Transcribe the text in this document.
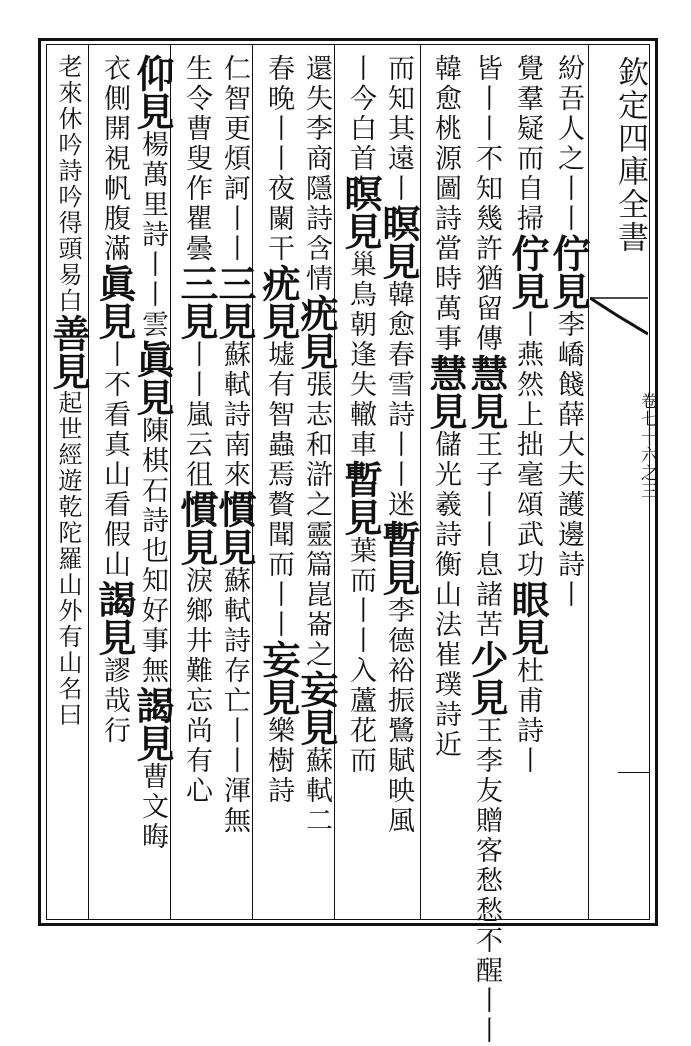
欽定四庫全書
卷七十六之三
紛吾人之丨丨佇見李嶠餞薛大夫護邊詩丨
覺羣疑而自掃佇見丨燕然上拙毫頌武功眼見杜甫詩丨
皆丨丨不知幾許猶留傳慧見王子丨丨息諸苦少見王李友贈客愁愁不醒丨丨
韓愈桃源圖詩當時萬事慧見儲光羲詩衡山法崔璞詩近
而知其遠丨瞑見韓愈春雪詩丨丨迷暫見李德裕振鷺賦映風
丨今白首瞑見巢鳥朝逢失轍車暫見葉而丨丨入蘆花而
還失李商隱詩含情疣見張志和滸之靈篇崑崙之妄見蘇軾二
春晚丨丨夜闌干疣見墟有智蟲焉贅聞而丨丨妄見樂樹詩
仁智更煩訶丨丨三見蘇軾詩南來慣見蘇軾詩存亡丨丨渾無
生令曹叟作瞿曇三見丨丨嵐云徂慣見淚鄉井難忘尚有心
仰見楊萬里詩丨丨雲眞見陳棋石詩也知好事無謁見曹文晦
衣側開視帆腹滿眞見丨不看真山看假山謁見謬哉行
老來休吟詩吟得頭易白善見起世經遊乾陀羅山外有山名曰
